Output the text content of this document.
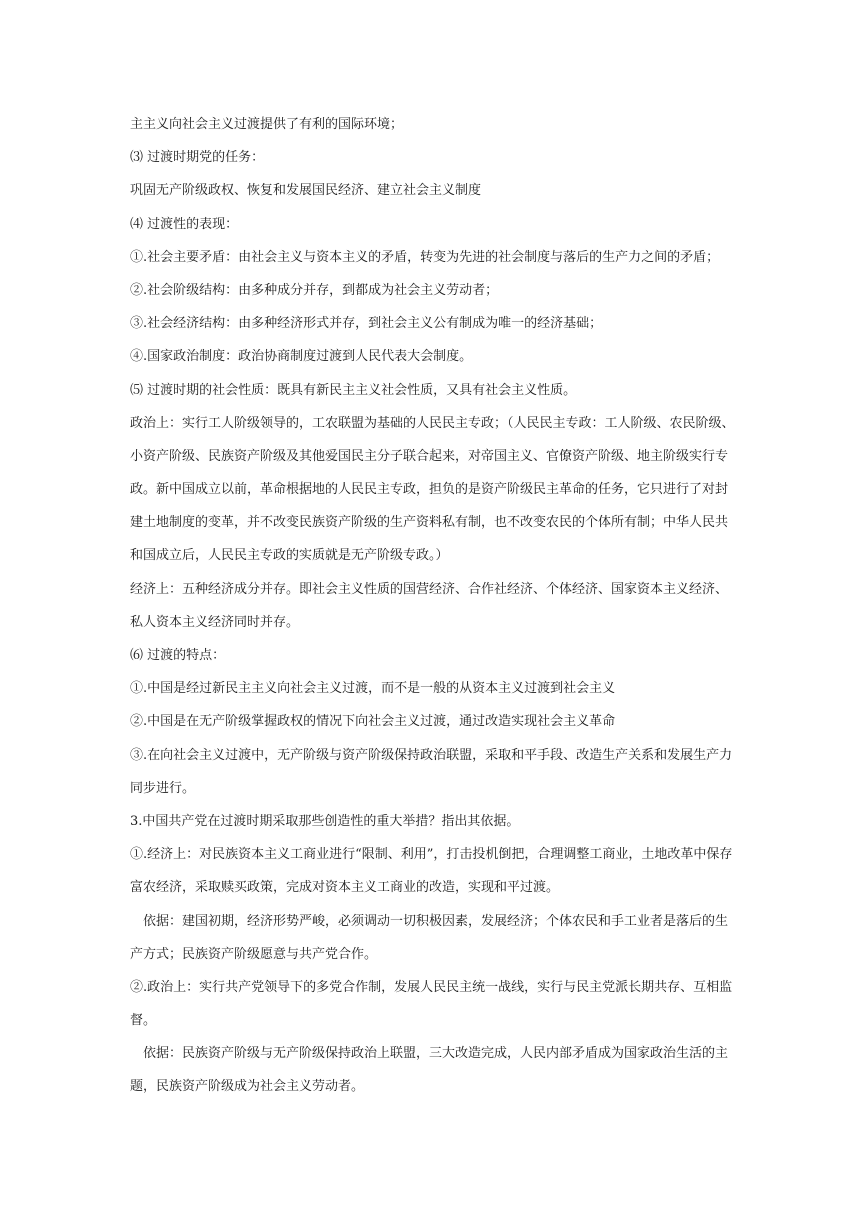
主主义向社会主义过渡提供了有利的国际环境；
⑶ 过渡时期党的任务：
巩固无产阶级政权、恢复和发展国民经济、建立社会主义制度
⑷ 过渡性的表现：
①.社会主要矛盾：由社会主义与资本主义的矛盾，转变为先进的社会制度与落后的生产力之间的矛盾；
②.社会阶级结构：由多种成分并存，到都成为社会主义劳动者；
③.社会经济结构：由多种经济形式并存，到社会主义公有制成为唯一的经济基础；
④.国家政治制度：政治协商制度过渡到人民代表大会制度。
⑸ 过渡时期的社会性质：既具有新民主主义社会性质，又具有社会主义性质。
政治上：实行工人阶级领导的，工农联盟为基础的人民民主专政；（人民民主专政：工人阶级、农民阶级、
小资产阶级、民族资产阶级及其他爱国民主分子联合起来，对帝国主义、官僚资产阶级、地主阶级实行专
政。新中国成立以前，革命根据地的人民民主专政，担负的是资产阶级民主革命的任务，它只进行了对封
建土地制度的变革，并不改变民族资产阶级的生产资料私有制，也不改变农民的个体所有制；中华人民共
和国成立后，人民民主专政的实质就是无产阶级专政。）
经济上：五种经济成分并存。即社会主义性质的国营经济、合作社经济、个体经济、国家资本主义经济、
私人资本主义经济同时并存。
⑹ 过渡的特点：
①.中国是经过新民主主义向社会主义过渡，而不是一般的从资本主义过渡到社会主义
②.中国是在无产阶级掌握政权的情况下向社会主义过渡，通过改造实现社会主义革命
③.在向社会主义过渡中，无产阶级与资产阶级保持政治联盟，采取和平手段、改造生产关系和发展生产力
同步进行。
3.中国共产党在过渡时期采取那些创造性的重大举措？指出其依据。
①.经济上：对民族资本主义工商业进行“限制、利用”，打击投机倒把，合理调整工商业，土地改革中保存
富农经济，采取赎买政策，完成对资本主义工商业的改造，实现和平过渡。
依据：建国初期，经济形势严峻，必须调动一切积极因素，发展经济；个体农民和手工业者是落后的生
产方式；民族资产阶级愿意与共产党合作。
②.政治上：实行共产党领导下的多党合作制，发展人民民主统一战线，实行与民主党派长期共存、互相监
督。
依据：民族资产阶级与无产阶级保持政治上联盟，三大改造完成，人民内部矛盾成为国家政治生活的主
题，民族资产阶级成为社会主义劳动者。
